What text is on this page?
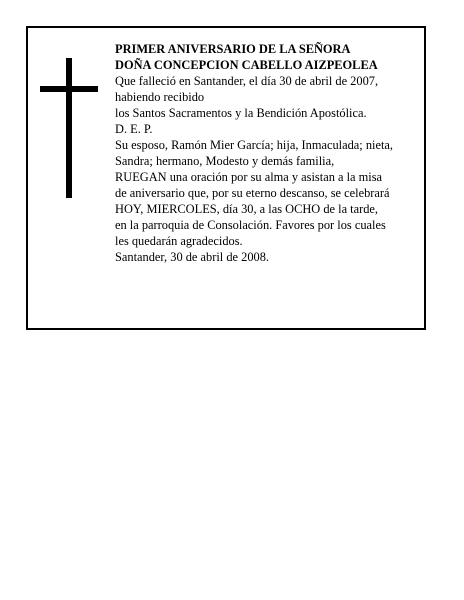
PRIMER ANIVERSARIO DE LA SEÑORA
DOÑA CONCEPCION CABELLO AIZPEOLEA
Que falleció en Santander, el día 30 de abril de 2007,
habiendo recibido
los Santos Sacramentos y la Bendición Apostólica.
D. E. P.
Su esposo, Ramón Mier García; hija, Inmaculada; nieta,
Sandra; hermano, Modesto y demás familia,
RUEGAN una oración por su alma y asistan a la misa
de aniversario que, por su eterno descanso, se celebrará
HOY, MIERCOLES, día 30, a las OCHO de la tarde,
en la parroquia de Consolación. Favores por los cuales
les quedarán agradecidos.
Santander, 30 de abril de 2008.
